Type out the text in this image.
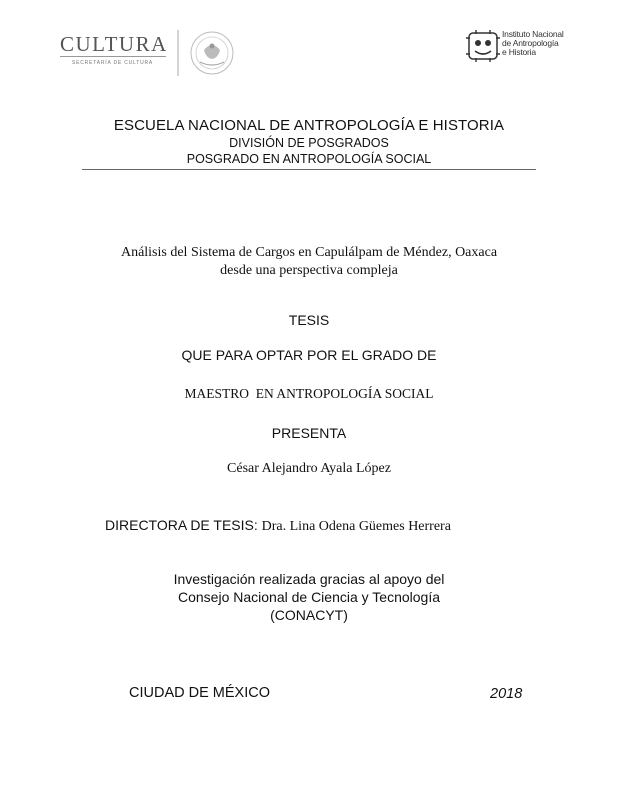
CULTURA
SECRETARÍA DE CULTURA
Instituto Nacional
de Antropología
e Historia
ESCUELA NACIONAL DE ANTROPOLOGÍA E HISTORIA
DIVISIÓN DE POSGRADOS
POSGRADO EN ANTROPOLOGÍA SOCIAL
Análisis del Sistema de Cargos en Capulálpam de Méndez, Oaxaca
desde una perspectiva compleja
TESIS
QUE PARA OPTAR POR EL GRADO DE
MAESTRO  EN ANTROPOLOGÍA SOCIAL
PRESENTA
César Alejandro Ayala López
DIRECTORA DE TESIS: Dra. Lina Odena Güemes Herrera
Investigación realizada gracias al apoyo del
Consejo Nacional de Ciencia y Tecnología
(CONACYT)
CIUDAD DE MÉXICO	2018
